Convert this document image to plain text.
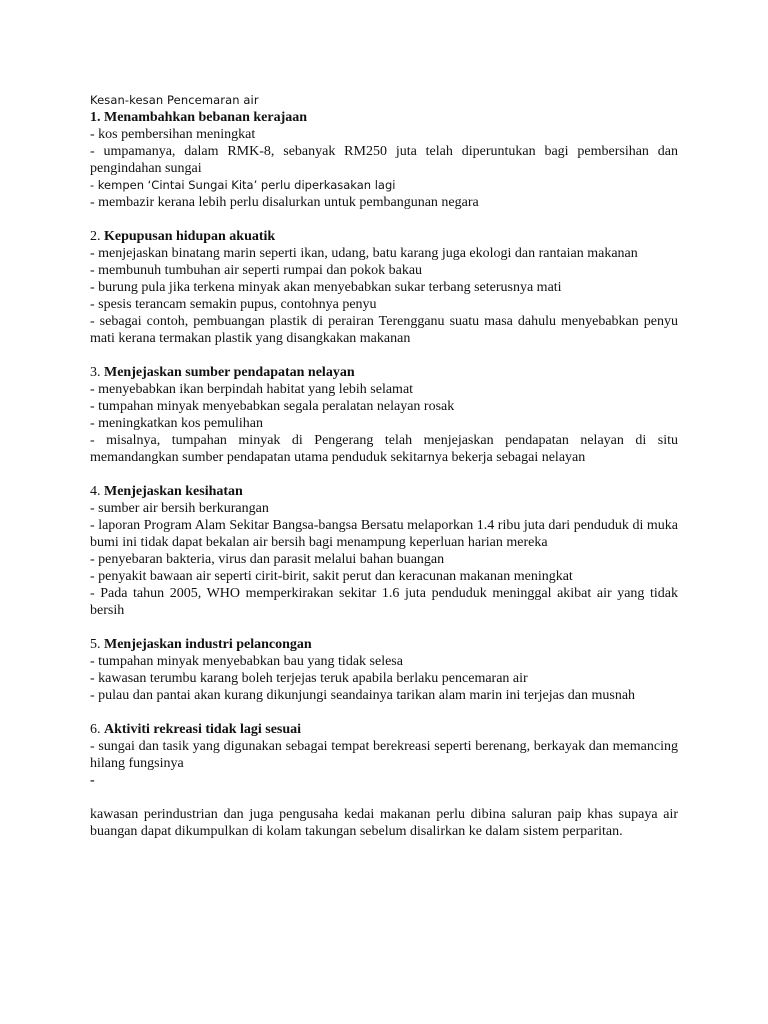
Kesan-kesan Pencemaran air

1. Menambahkan bebanan kerajaan

- kos pembersihan meningkat

- umpamanya, dalam RMK-8, sebanyak RM250 juta telah diperuntukan bagi pembersihan dan pengindahan sungai

- kempen ‘Cintai Sungai Kita’ perlu diperkasakan lagi

- membazir kerana lebih perlu disalurkan untuk pembangunan negara

2. Kepupusan hidupan akuatik

- menjejaskan binatang marin seperti ikan, udang, batu karang juga ekologi dan rantaian makanan

- membunuh tumbuhan air seperti rumpai dan pokok bakau

- burung pula jika terkena minyak akan menyebabkan sukar terbang seterusnya mati

- spesis terancam semakin pupus, contohnya penyu

- sebagai contoh, pembuangan plastik di perairan Terengganu suatu masa dahulu menyebabkan penyu mati kerana termakan plastik yang disangkakan makanan

3. Menjejaskan sumber pendapatan nelayan

- menyebabkan ikan berpindah habitat yang lebih selamat

- tumpahan minyak menyebabkan segala peralatan nelayan rosak

- meningkatkan kos pemulihan

- misalnya, tumpahan minyak di Pengerang telah menjejaskan pendapatan nelayan di situ memandangkan sumber pendapatan utama penduduk sekitarnya bekerja sebagai nelayan

4. Menjejaskan kesihatan

- sumber air bersih berkurangan

- laporan Program Alam Sekitar Bangsa-bangsa Bersatu melaporkan 1.4 ribu juta dari penduduk di muka bumi ini tidak dapat bekalan air bersih bagi menampung keperluan harian mereka

- penyebaran bakteria, virus dan parasit melalui bahan buangan

- penyakit bawaan air seperti cirit-birit, sakit perut dan keracunan makanan meningkat

- Pada tahun 2005, WHO memperkirakan sekitar 1.6 juta penduduk meninggal akibat air yang tidak bersih

5. Menjejaskan industri pelancongan

- tumpahan minyak menyebabkan bau yang tidak selesa

- kawasan terumbu karang boleh terjejas teruk apabila berlaku pencemaran air

- pulau dan pantai akan kurang dikunjungi seandainya tarikan alam marin ini terjejas dan musnah

6. Aktiviti rekreasi tidak lagi sesuai

- sungai dan tasik yang digunakan sebagai tempat berekreasi seperti berenang, berkayak dan memancing hilang fungsinya

-

kawasan perindustrian dan juga pengusaha kedai makanan perlu dibina saluran paip khas supaya air buangan dapat dikumpulkan di kolam takungan sebelum disalirkan ke dalam sistem perparitan.
